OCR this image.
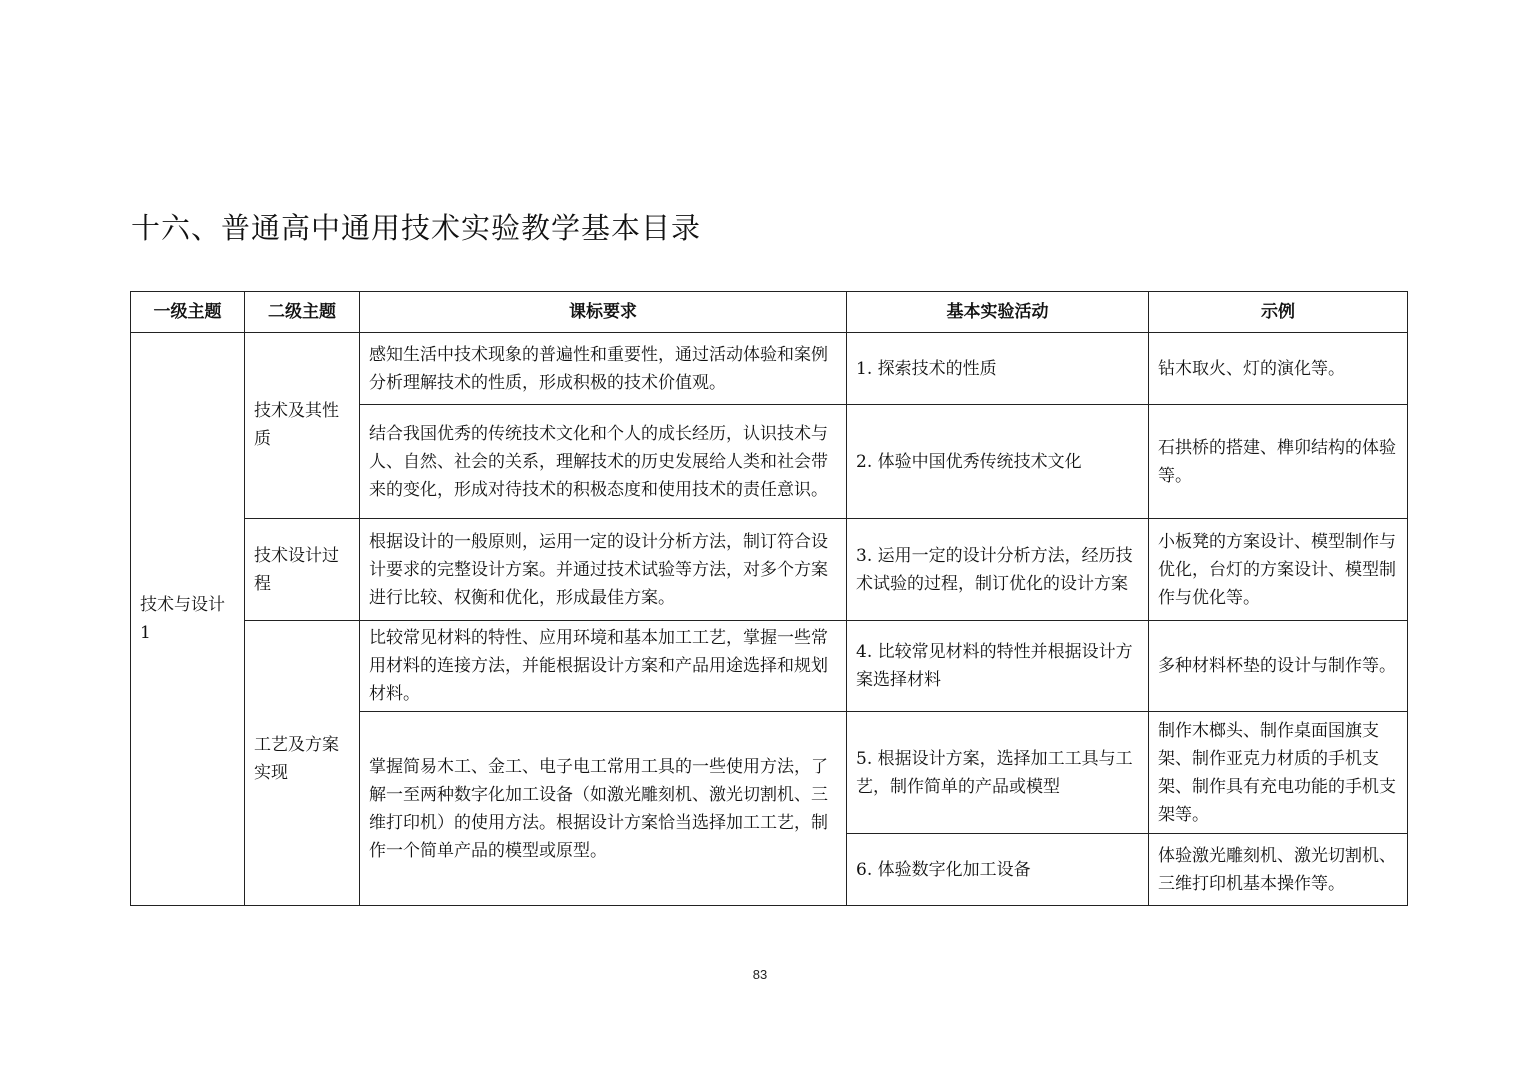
十六、普通高中通用技术实验教学基本目录
一级主题	二级主题	课标要求	基本实验活动	示例
技术与设计 1	技术及其性质	感知生活中技术现象的普遍性和重要性，通过活动体验和案例分析理解技术的性质，形成积极的技术价值观。	1. 探索技术的性质	钻木取火、灯的演化等。
		结合我国优秀的传统技术文化和个人的成长经历，认识技术与人、自然、社会的关系，理解技术的历史发展给人类和社会带来的变化，形成对待技术的积极态度和使用技术的责任意识。	2. 体验中国优秀传统技术文化	石拱桥的搭建、榫卯结构的体验等。
	技术设计过程	根据设计的一般原则，运用一定的设计分析方法，制订符合设计要求的完整设计方案。并通过技术试验等方法，对多个方案进行比较、权衡和优化，形成最佳方案。	3. 运用一定的设计分析方法，经历技术试验的过程，制订优化的设计方案	小板凳的方案设计、模型制作与优化，台灯的方案设计、模型制作与优化等。
	工艺及方案实现	比较常见材料的特性、应用环境和基本加工工艺，掌握一些常用材料的连接方法，并能根据设计方案和产品用途选择和规划材料。	4. 比较常见材料的特性并根据设计方案选择材料	多种材料杯垫的设计与制作等。
		掌握简易木工、金工、电子电工常用工具的一些使用方法，了解一至两种数字化加工设备（如激光雕刻机、激光切割机、三维打印机）的使用方法。根据设计方案恰当选择加工工艺，制作一个简单产品的模型或原型。	5. 根据设计方案，选择加工工具与工艺，制作简单的产品或模型	制作木榔头、制作桌面国旗支架、制作亚克力材质的手机支架、制作具有充电功能的手机支架等。
			6. 体验数字化加工设备	体验激光雕刻机、激光切割机、三维打印机基本操作等。
83
